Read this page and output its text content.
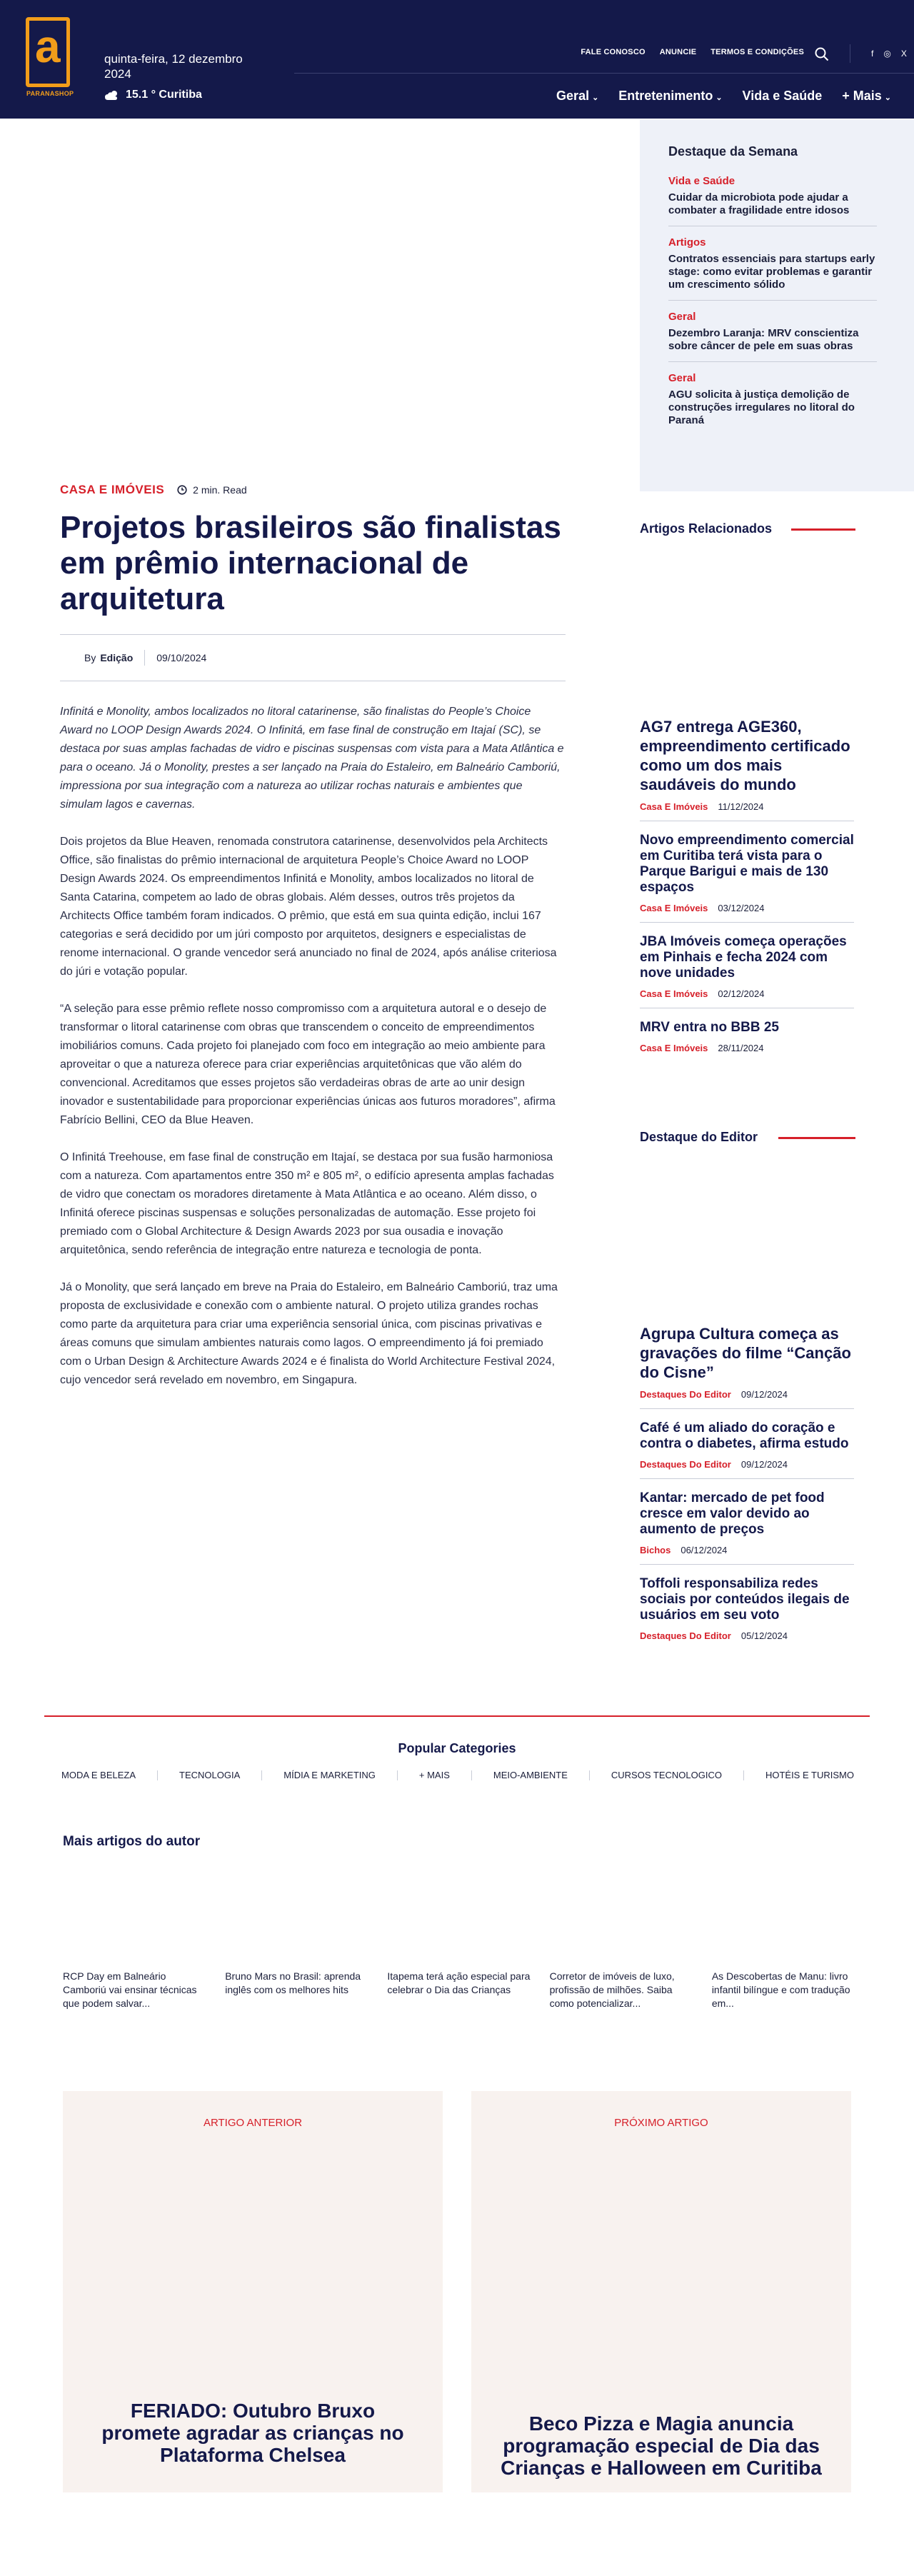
a
PARANASHOP
quinta-feira, 12 dezembro 2024
15.1 ° Curitiba
FALE CONOSCO ANUNCIE TERMOS E CONDIÇÕES	f ◎ X
Geral ⌄ Entretenimento ⌄ Vida e Saúde + Mais ⌄
Destaque da Semana
Vida e Saúde
Cuidar da microbiota pode ajudar a combater a fragilidade entre idosos
Artigos
Contratos essenciais para startups early stage: como evitar problemas e garantir um crescimento sólido
Geral
Dezembro Laranja: MRV conscientiza sobre câncer de pele em suas obras
Geral
AGU solicita à justiça demolição de construções irregulares no litoral do Paraná
CASA E IMÓVEIS	2 min. Read
Projetos brasileiros são finalistas em prêmio internacional de arquitetura
By Edição 09/10/2024

Infinitá e Monolity, ambos localizados no litoral catarinense, são finalistas do People’s Choice Award no LOOP Design Awards 2024. O Infinitá, em fase final de construção em Itajaí (SC), se destaca por suas amplas fachadas de vidro e piscinas suspensas com vista para a Mata Atlântica e para o oceano. Já o Monolity, prestes a ser lançado na Praia do Estaleiro, em Balneário Camboriú, impressiona por sua integração com a natureza ao utilizar rochas naturais e ambientes que simulam lagos e cavernas.

Dois projetos da Blue Heaven, renomada construtora catarinense, desenvolvidos pela Architects Office, são finalistas do prêmio internacional de arquitetura People’s Choice Award no LOOP Design Awards 2024. Os empreendimentos Infinitá e Monolity, ambos localizados no litoral de Santa Catarina, competem ao lado de obras globais. Além desses, outros três projetos da Architects Office também foram indicados. O prêmio, que está em sua quinta edição, inclui 167 categorias e será decidido por um júri composto por arquitetos, designers e especialistas de renome internacional. O grande vencedor será anunciado no final de 2024, após análise criteriosa do júri e votação popular.

“A seleção para esse prêmio reflete nosso compromisso com a arquitetura autoral e o desejo de transformar o litoral catarinense com obras que transcendem o conceito de empreendimentos imobiliários comuns. Cada projeto foi planejado com foco em integração ao meio ambiente para aproveitar o que a natureza oferece para criar experiências arquitetônicas que vão além do convencional. Acreditamos que esses projetos são verdadeiras obras de arte ao unir design inovador e sustentabilidade para proporcionar experiências únicas aos futuros moradores”, afirma Fabrício Bellini, CEO da Blue Heaven.

O Infinitá Treehouse, em fase final de construção em Itajaí, se destaca por sua fusão harmoniosa com a natureza. Com apartamentos entre 350 m² e 805 m², o edifício apresenta amplas fachadas de vidro que conectam os moradores diretamente à Mata Atlântica e ao oceano. Além disso, o Infinitá oferece piscinas suspensas e soluções personalizadas de automação. Esse projeto foi premiado com o Global Architecture & Design Awards 2023 por sua ousadia e inovação arquitetônica, sendo referência de integração entre natureza e tecnologia de ponta.

Já o Monolity, que será lançado em breve na Praia do Estaleiro, em Balneário Camboriú, traz uma proposta de exclusividade e conexão com o ambiente natural. O projeto utiliza grandes rochas como parte da arquitetura para criar uma experiência sensorial única, com piscinas privativas e áreas comuns que simulam ambientes naturais como lagos. O empreendimento já foi premiado com o Urban Design & Architecture Awards 2024 e é finalista do World Architecture Festival 2024, cujo vencedor será revelado em novembro, em Singapura.

Artigos Relacionados
AG7 entrega AGE360, empreendimento certificado como um dos mais saudáveis do mundo
Casa E Imóveis 11/12/2024
Novo empreendimento comercial em Curitiba terá vista para o Parque Barigui e mais de 130 espaços
Casa E Imóveis 03/12/2024
JBA Imóveis começa operações em Pinhais e fecha 2024 com nove unidades
Casa E Imóveis 02/12/2024
MRV entra no BBB 25
Casa E Imóveis 28/11/2024
Destaque do Editor
Agrupa Cultura começa as gravações do filme “Canção do Cisne”
Destaques Do Editor 09/12/2024
Café é um aliado do coração e contra o diabetes, afirma estudo
Destaques Do Editor 09/12/2024
Kantar: mercado de pet food cresce em valor devido ao aumento de preços
Bichos 06/12/2024
Toffoli responsabiliza redes sociais por conteúdos ilegais de usuários em seu voto
Destaques Do Editor 05/12/2024
Popular Categories
MODA E BELEZA	TECNOLOGIA	MÍDIA E MARKETING	+ MAIS	MEIO-AMBIENTE	CURSOS TECNOLOGICO	HOTÉIS E TURISMO
Mais artigos do autor
RCP Day em Balneário Camboriú vai ensinar técnicas que podem salvar...
Bruno Mars no Brasil: aprenda inglês com os melhores hits
Itapema terá ação especial para celebrar o Dia das Crianças
Corretor de imóveis de luxo, profissão de milhões. Saiba como potencializar...
As Descobertas de Manu: livro infantil bilíngue e com tradução em...
ARTIGO ANTERIOR
FERIADO: Outubro Bruxo promete agradar as crianças no Plataforma Chelsea
PRÓXIMO ARTIGO
Beco Pizza e Magia anuncia programação especial de Dia das Crianças e Halloween em Curitiba
